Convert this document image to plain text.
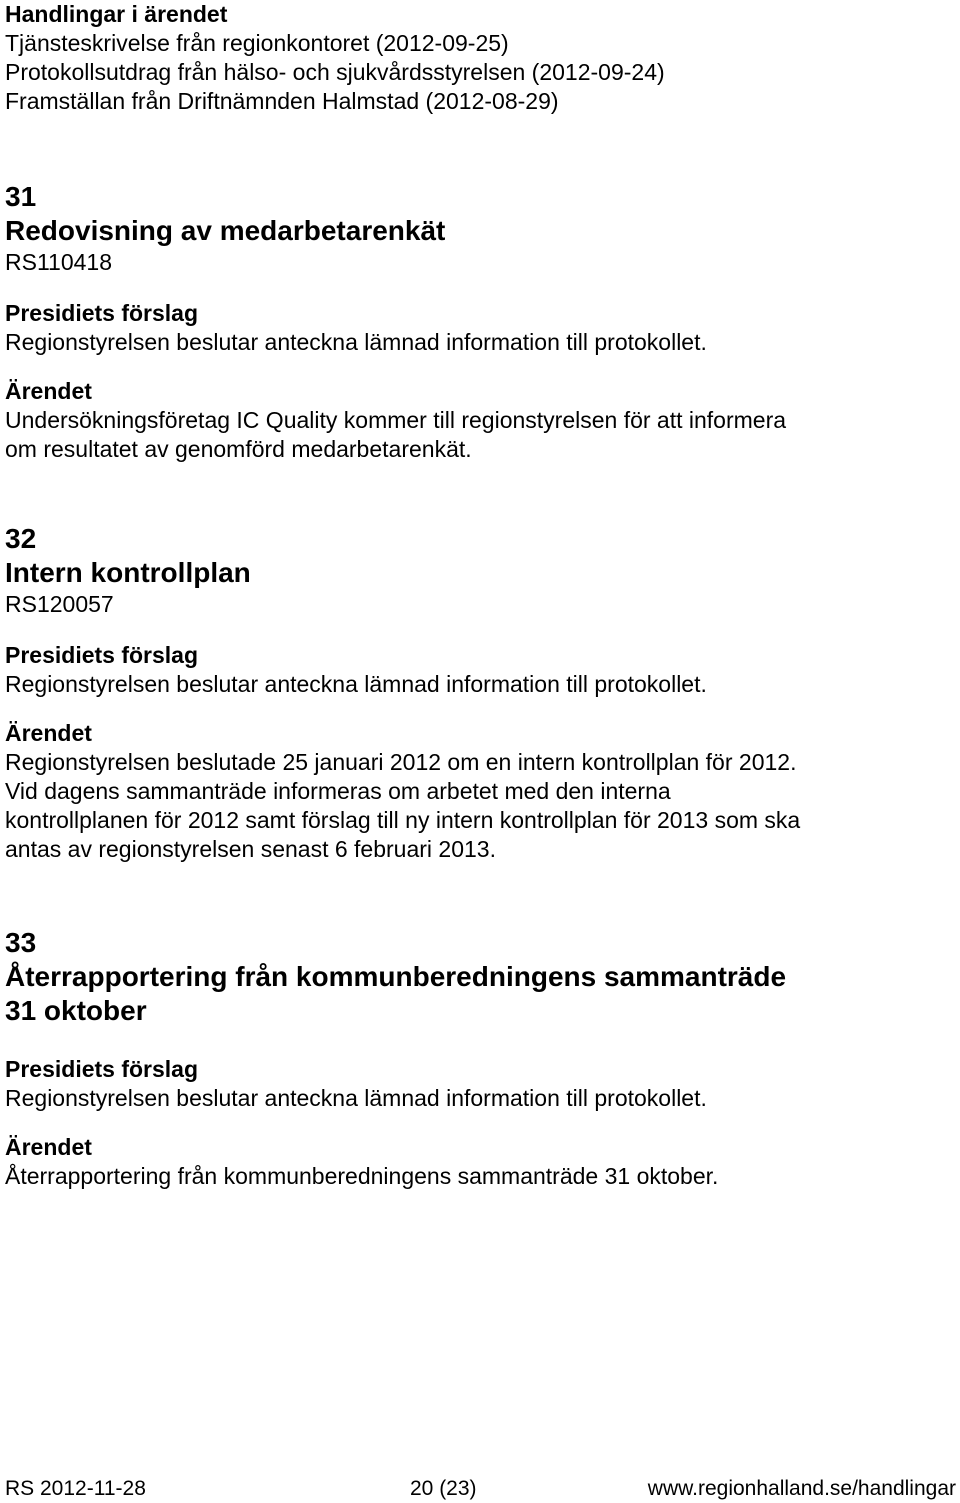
Handlingar i ärendet

Tjänsteskrivelse från regionkontoret (2012-09-25)

Protokollsutdrag från hälso- och sjukvårdsstyrelsen (2012-09-24)

Framställan från Driftnämnden Halmstad (2012-08-29)

31

Redovisning av medarbetarenkät

RS110418

Presidiets förslag

Regionstyrelsen beslutar anteckna lämnad information till protokollet.

Ärendet

Undersökningsföretag IC Quality kommer till regionstyrelsen för att informera

om resultatet av genomförd medarbetarenkät.

32

Intern kontrollplan

RS120057

Presidiets förslag

Regionstyrelsen beslutar anteckna lämnad information till protokollet.

Ärendet

Regionstyrelsen beslutade 25 januari 2012 om en intern kontrollplan för 2012.

Vid dagens sammanträde informeras om arbetet med den interna

kontrollplanen för 2012 samt förslag till ny intern kontrollplan för 2013 som ska

antas av regionstyrelsen senast 6 februari 2013.

33

Återrapportering från kommunberedningens sammanträde

31 oktober

Presidiets förslag

Regionstyrelsen beslutar anteckna lämnad information till protokollet.

Ärendet

Återrapportering från kommunberedningens sammanträde 31 oktober.

RS 2012-11-28	20 (23)	www.regionhalland.se/handlingar
